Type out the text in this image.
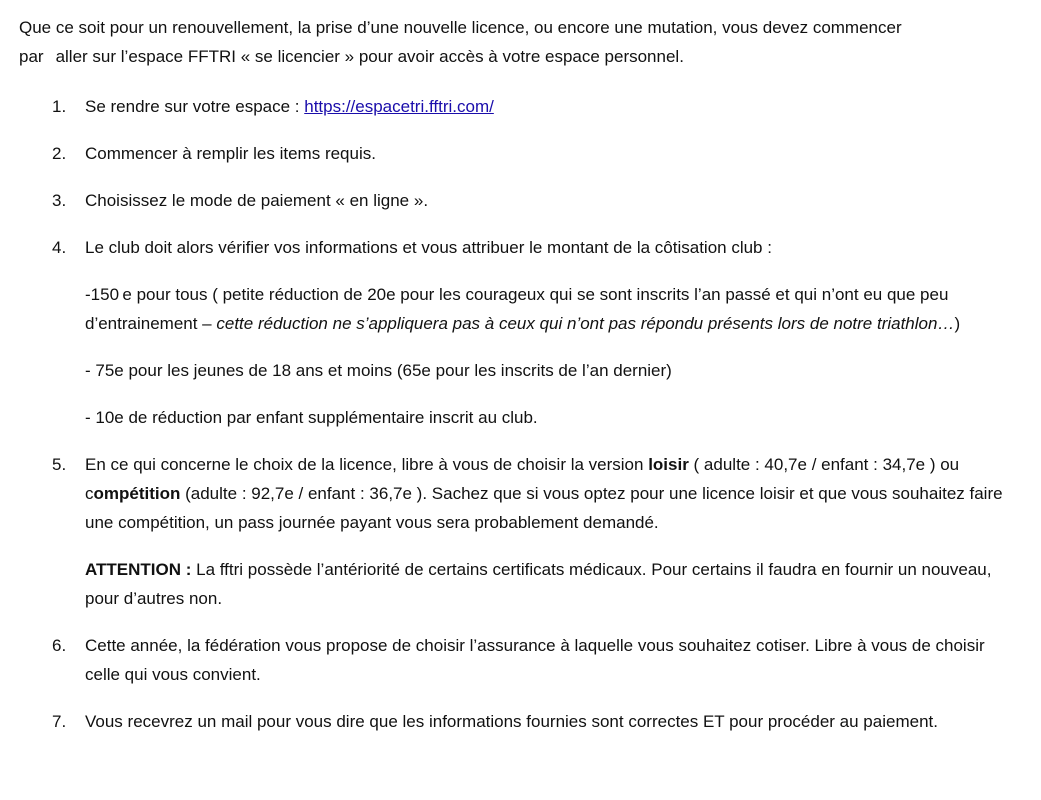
Que ce soit pour un renouvellement, la prise d’une nouvelle licence, ou encore une mutation, vous devez commencer
par aller sur l’espace FFTRI « se licencier » pour avoir accès à votre espace personnel.

1. Se rendre sur votre espace : https://espacetri.fftri.com/

2. Commencer à remplir les items requis.

3. Choisissez le mode de paiement « en ligne ».

4. Le club doit alors vérifier vos informations et vous attribuer le montant de la côtisation club :

-150 e pour tous ( petite réduction de 20e pour les courageux qui se sont inscrits l’an passé et qui n’ont eu que peu d’entrainement – cette réduction ne s’appliquera pas à ceux qui n’ont pas répondu présents lors de notre triathlon…)

- 75e pour les jeunes de 18 ans et moins (65e pour les inscrits de l’an dernier)

- 10e de réduction par enfant supplémentaire inscrit au club.

5. En ce qui concerne le choix de la licence, libre à vous de choisir la version loisir ( adulte : 40,7e / enfant : 34,7e ) ou compétition (adulte : 92,7e / enfant : 36,7e ). Sachez que si vous optez pour une licence loisir et que vous souhaitez faire une compétition, un pass journée payant vous sera probablement demandé.

ATTENTION : La fftri possède l’antériorité de certains certificats médicaux. Pour certains il faudra en fournir un nouveau, pour d’autres non.

6. Cette année, la fédération vous propose de choisir l’assurance à laquelle vous souhaitez cotiser. Libre à vous de choisir celle qui vous convient.

7. Vous recevrez un mail pour vous dire que les informations fournies sont correctes ET pour procéder au paiement.
